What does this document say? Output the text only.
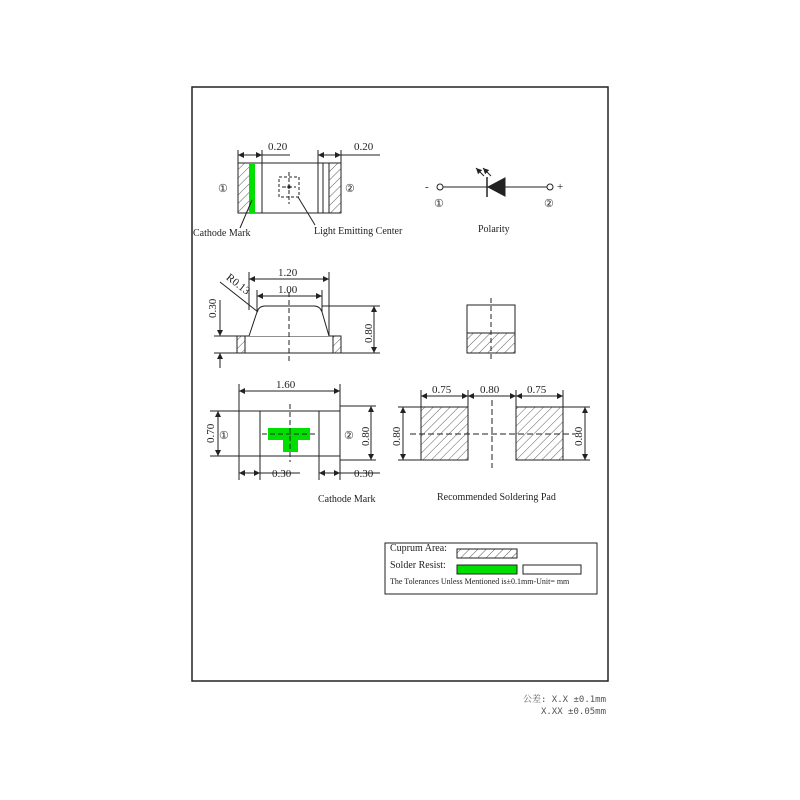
0.20	0.20
①	②
Cathode Mark	Light Emitting Center
-	+
①	②
Polarity
1.20
1.00
R0.13
0.30
0.80
1.60
0.70	0.80
0.30	0.30
①	②
Cathode Mark
0.75	0.80	0.75
0.80	0.80
Recommended Soldering Pad
Cuprum Area:
Solder Resist:
The Tolerances Unless Mentioned is±0.1mm-Unit= mm
公差: X.X ±0.1mm
X.XX ±0.05mm
